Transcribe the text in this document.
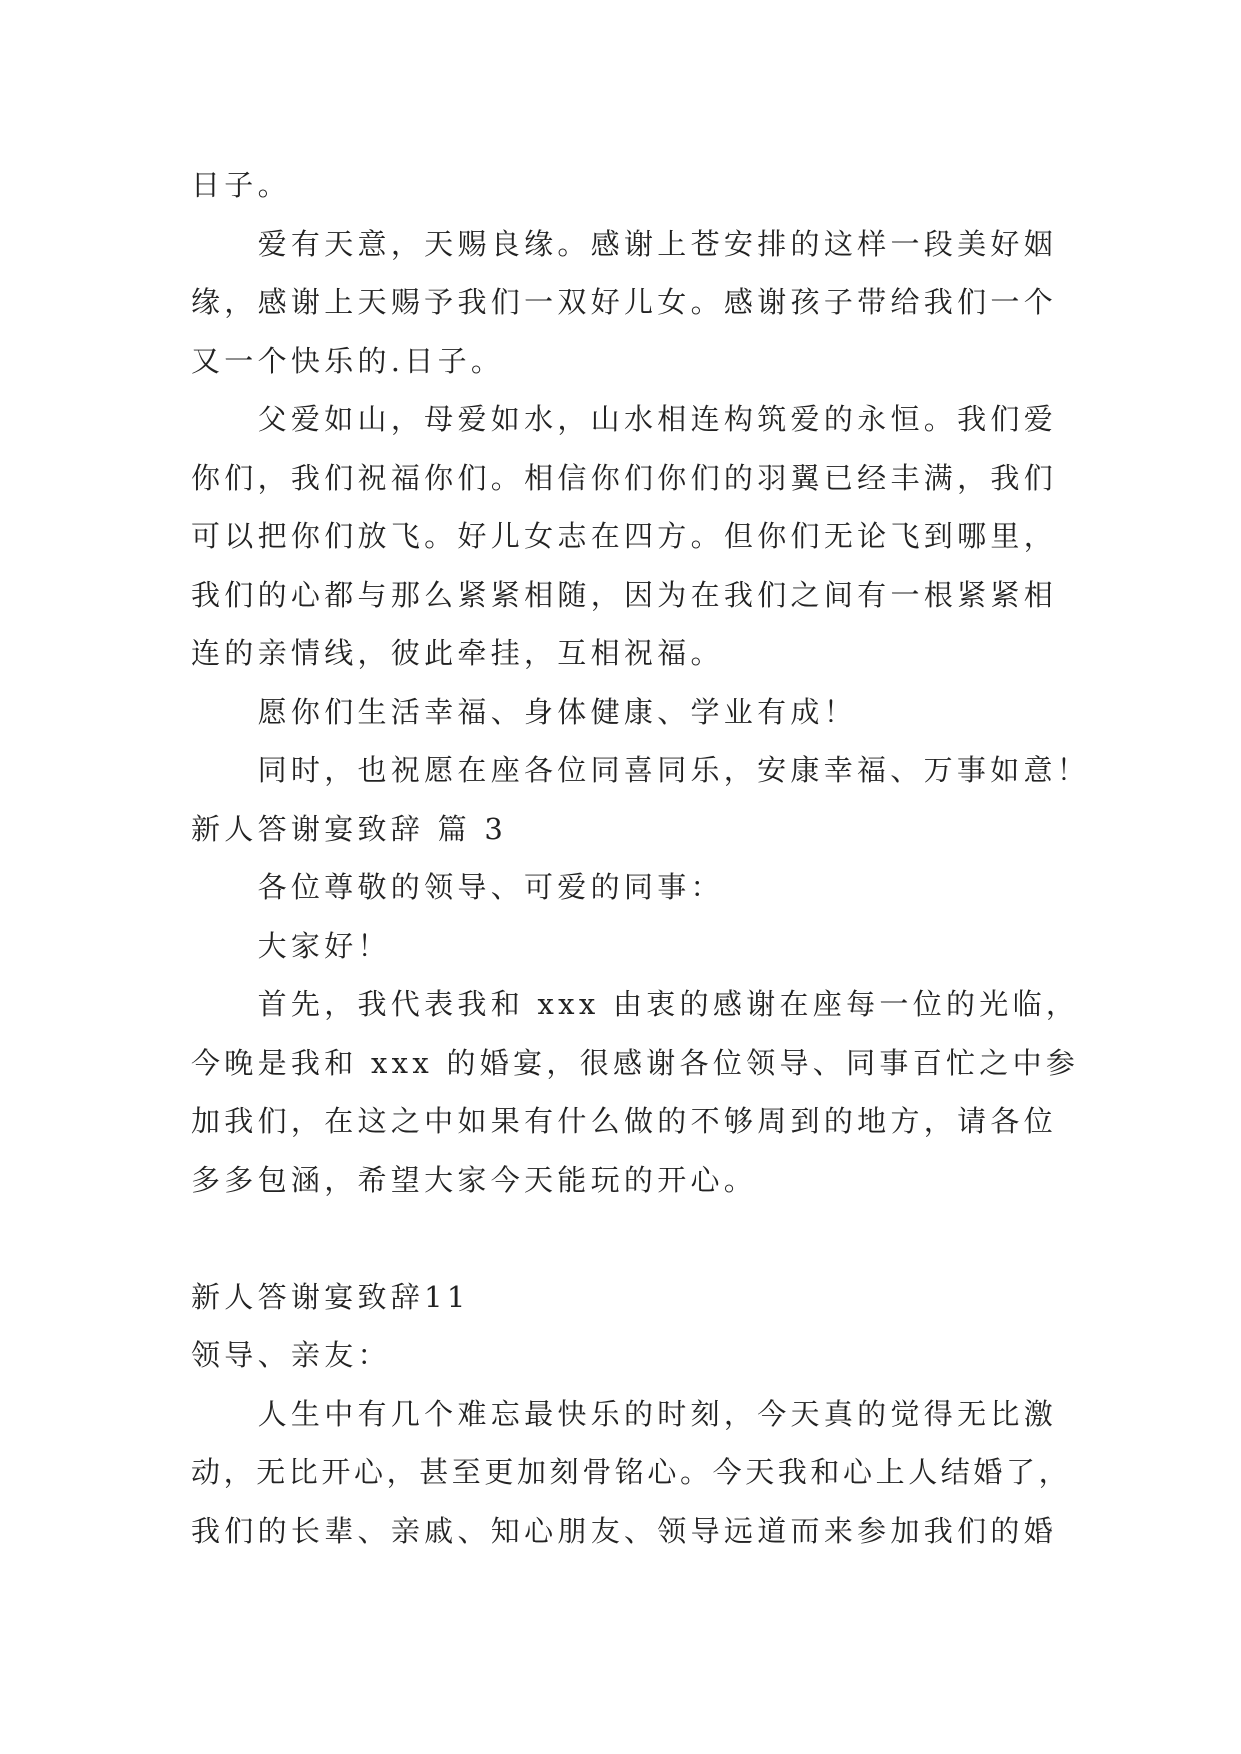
日子。
爱有天意，天赐良缘。感谢上苍安排的这样一段美好姻
缘，感谢上天赐予我们一双好儿女。感谢孩子带给我们一个
又一个快乐的.日子。
父爱如山，母爱如水，山水相连构筑爱的永恒。我们爱
你们，我们祝福你们。相信你们你们的羽翼已经丰满，我们
可以把你们放飞。好儿女志在四方。但你们无论飞到哪里，
我们的心都与那么紧紧相随，因为在我们之间有一根紧紧相
连的亲情线，彼此牵挂，互相祝福。
愿你们生活幸福、身体健康、学业有成！
同时，也祝愿在座各位同喜同乐，安康幸福、万事如意！
新人答谢宴致辞 篇 3
各位尊敬的领导、可爱的同事：
大家好！
首先，我代表我和 xxx 由衷的感谢在座每一位的光临，
今晚是我和 xxx 的婚宴，很感谢各位领导、同事百忙之中参
加我们，在这之中如果有什么做的不够周到的地方，请各位
多多包涵，希望大家今天能玩的开心。
新人答谢宴致辞11
领导、亲友：
人生中有几个难忘最快乐的时刻，今天真的觉得无比激
动，无比开心，甚至更加刻骨铭心。今天我和心上人结婚了，
我们的长辈、亲戚、知心朋友、领导远道而来参加我们的婚
